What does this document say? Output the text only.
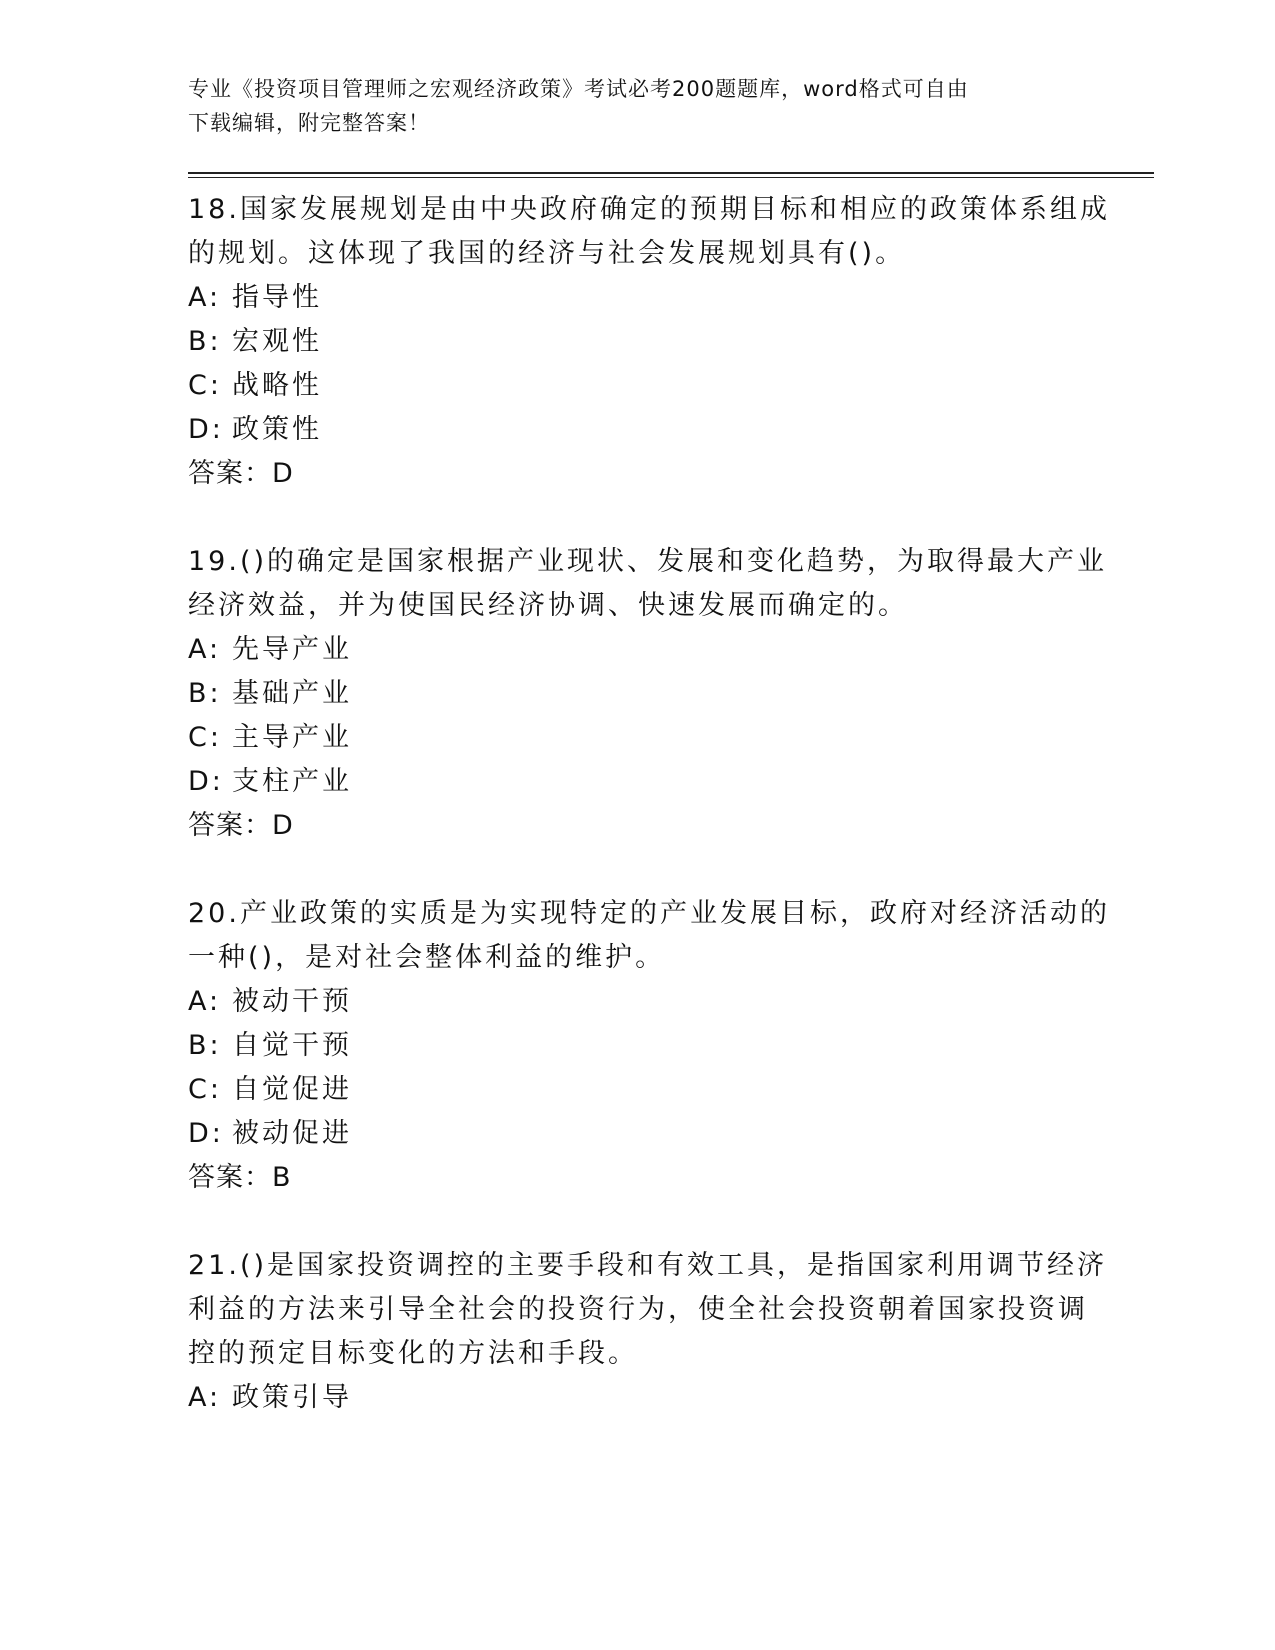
专业《投资项目管理师之宏观经济政策》考试必考200题题库，word格式可自由
下载编辑，附完整答案！
18.国家发展规划是由中央政府确定的预期目标和相应的政策体系组成
的规划。这体现了我国的经济与社会发展规划具有()。
A: 指导性
B: 宏观性
C: 战略性
D: 政策性
答案：D
19.()的确定是国家根据产业现状、发展和变化趋势，为取得最大产业
经济效益，并为使国民经济协调、快速发展而确定的。
A: 先导产业
B: 基础产业
C: 主导产业
D: 支柱产业
答案：D
20.产业政策的实质是为实现特定的产业发展目标，政府对经济活动的
一种()，是对社会整体利益的维护。
A: 被动干预
B: 自觉干预
C: 自觉促进
D: 被动促进
答案：B
21.()是国家投资调控的主要手段和有效工具，是指国家利用调节经济
利益的方法来引导全社会的投资行为，使全社会投资朝着国家投资调
控的预定目标变化的方法和手段。
A: 政策引导
